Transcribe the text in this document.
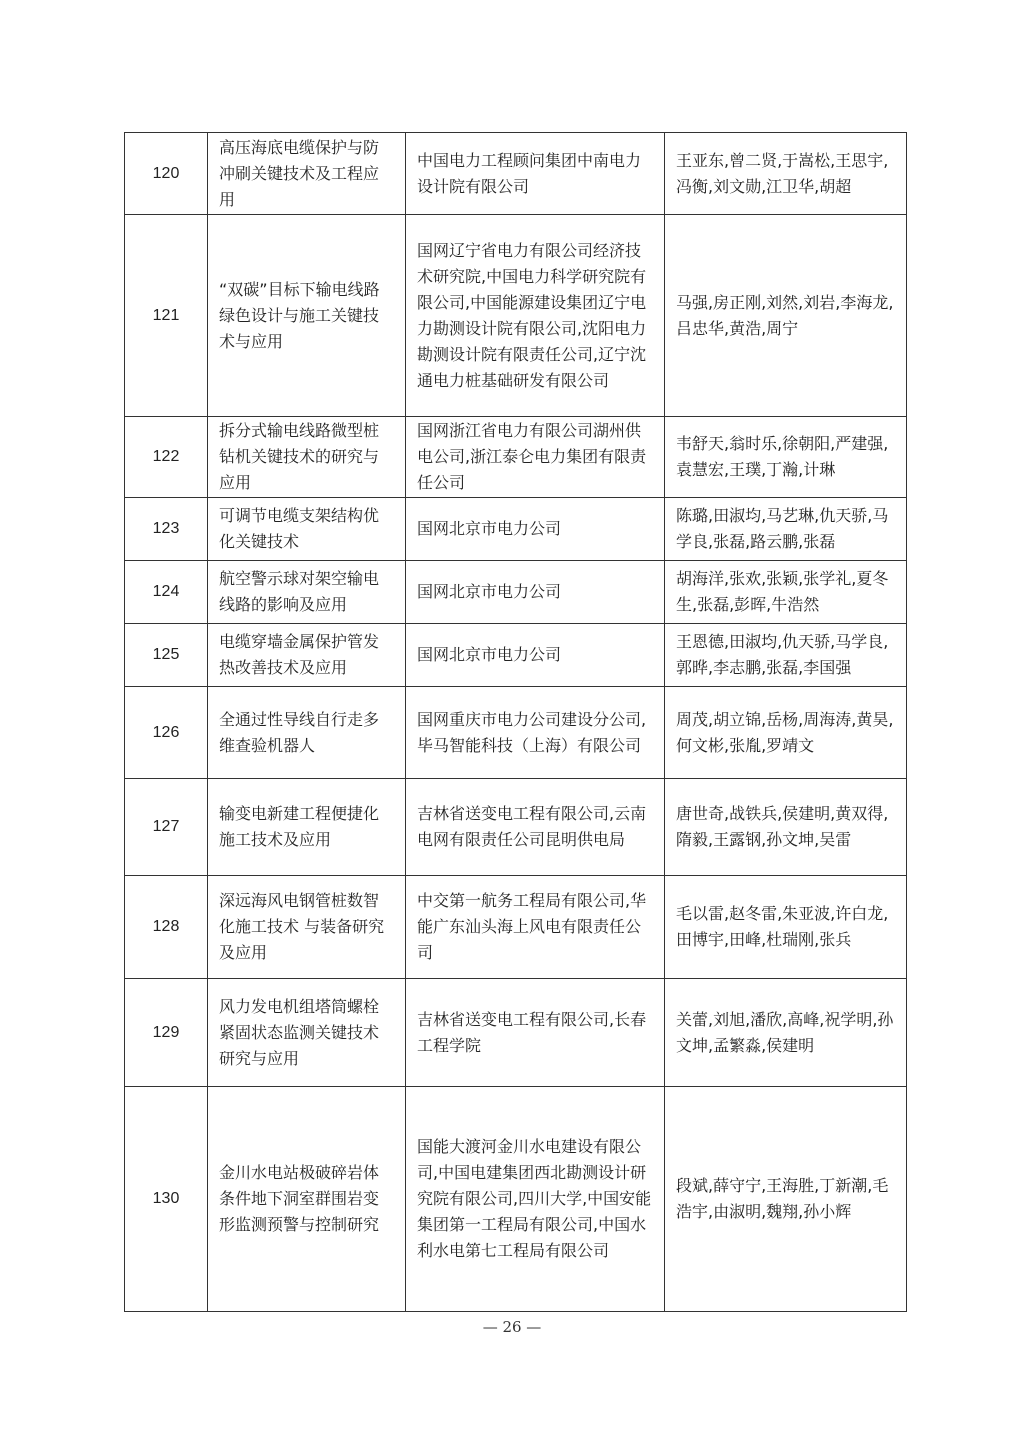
120	高压海底电缆保护与防冲刷关键技术及工程应用	中国电力工程顾问集团中南电力设计院有限公司	王亚东,曾二贤,于嵩松,王思宇,冯衡,刘文勋,江卫华,胡超
121	“双碳”目标下输电线路绿色设计与施工关键技术与应用	国网辽宁省电力有限公司经济技术研究院,中国电力科学研究院有限公司,中国能源建设集团辽宁电力勘测设计院有限公司,沈阳电力勘测设计院有限责任公司,辽宁沈通电力桩基础研发有限公司	马强,房正刚,刘然,刘岩,李海龙,吕忠华,黄浩,周宁
122	拆分式输电线路微型桩钻机关键技术的研究与应用	国网浙江省电力有限公司湖州供电公司,浙江泰仑电力集团有限责任公司	韦舒天,翁时乐,徐朝阳,严建强,袁慧宏,王璞,丁瀚,计琳
123	可调节电缆支架结构优化关键技术	国网北京市电力公司	陈璐,田淑均,马艺琳,仇天骄,马学良,张磊,路云鹏,张磊
124	航空警示球对架空输电线路的影响及应用	国网北京市电力公司	胡海洋,张欢,张颖,张学礼,夏冬生,张磊,彭晖,牛浩然
125	电缆穿墙金属保护管发热改善技术及应用	国网北京市电力公司	王恩德,田淑均,仇天骄,马学良,郭晔,李志鹏,张磊,李国强
126	全通过性导线自行走多维查验机器人	国网重庆市电力公司建设分公司,毕马智能科技（上海）有限公司	周茂,胡立锦,岳杨,周海涛,黄昊,何文彬,张胤,罗靖文
127	输变电新建工程便捷化施工技术及应用	吉林省送变电工程有限公司,云南电网有限责任公司昆明供电局	唐世奇,战铁兵,侯建明,黄双得,隋毅,王露钢,孙文坤,吴雷
128	深远海风电钢管桩数智化施工技术 与装备研究及应用	中交第一航务工程局有限公司,华能广东汕头海上风电有限责任公司	毛以雷,赵冬雷,朱亚波,许白龙,田博宇,田峰,杜瑞刚,张兵
129	风力发电机组塔筒螺栓紧固状态监测关键技术研究与应用	吉林省送变电工程有限公司,长春工程学院	关蕾,刘旭,潘欣,高峰,祝学明,孙文坤,孟繁淼,侯建明
130	金川水电站极破碎岩体条件地下洞室群围岩变形监测预警与控制研究	国能大渡河金川水电建设有限公司,中国电建集团西北勘测设计研究院有限公司,四川大学,中国安能集团第一工程局有限公司,中国水利水电第七工程局有限公司	段斌,薛守宁,王海胜,丁新潮,毛浩宇,由淑明,魏翔,孙小辉
— 26 —
